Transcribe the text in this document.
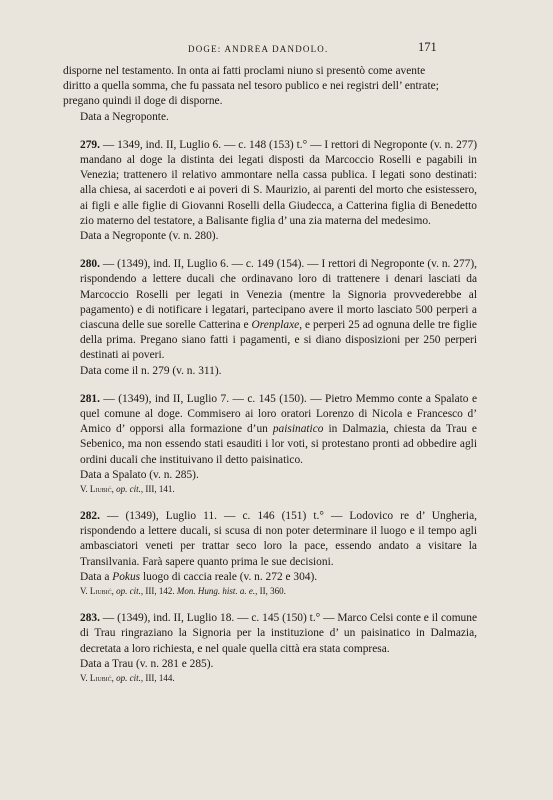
DOGE: ANDREA DANDOLO.	171
disporne nel testamento. In onta ai fatti proclami niuno si presentò come avente
diritto a quella somma, che fu passata nel tesoro publico e nei registri dell’ entrate;
pregano quindi il doge di disporne.
Data a Negroponte.

279. — 1349, ind. II, Luglio 6. — c. 148 (153) t.° — I rettori di Negroponte (v. n. 277) mandano al doge la distinta dei legati disposti da Marcoccio Roselli e pagabili in Venezia; trattenero il relativo ammontare nella cassa publica. I legati sono destinati: alla chiesa, ai sacerdoti e ai poveri di S. Maurizio, ai parenti del morto che esistessero, ai figli e alle figlie di Giovanni Roselli della Giudecca, a Catterina figlia di Benedetto zio materno del testatore, a Balisante figlia d’ una zia materna del medesimo.

Data a Negroponte (v. n. 280).

280. — (1349), ind. II, Luglio 6. — c. 149 (154). — I rettori di Negroponte (v. n. 277), rispondendo a lettere ducali che ordinavano loro di trattenere i denari lasciati da Marcoccio Roselli per legati in Venezia (mentre la Signoria provvederebbe al pagamento) e di notificare i legatari, partecipano avere il morto lasciato 500 perperi a ciascuna delle sue sorelle Catterina e Orenplaxe, e perperi 25 ad ognuna delle tre figlie della prima. Pregano siano fatti i pagamenti, e si diano disposizioni per 250 perperi destinati ai poveri.

Data come il n. 279 (v. n. 311).

281. — (1349), ind II, Luglio 7. — c. 145 (150). — Pietro Memmo conte a Spalato e quel comune al doge. Commisero ai loro oratori Lorenzo di Nicola e Francesco d’ Amico d’ opporsi alla formazione d’un paisinatico in Dalmazia, chiesta da Trau e Sebenico, ma non essendo stati esauditi i lor voti, si protestano pronti ad obbedire agli ordini ducali che instituivano il detto paisinatico.

Data a Spalato (v. n. 285).
V. Liubić, op. cit., III, 141.

282. — (1349), Luglio 11. — c. 146 (151) t.° — Lodovico re d’ Ungheria, rispondendo a lettere ducali, si scusa di non poter determinare il luogo e il tempo agli ambasciatori veneti per trattar seco loro la pace, essendo andato a visitare la Transilvania. Farà sapere quanto prima le sue decisioni.

Data a Pokus luogo di caccia reale (v. n. 272 e 304).
V. Liubić, op. cit., III, 142. Mon. Hung. hist. a. e., II, 360.

283. — (1349), ind. II, Luglio 18. — c. 145 (150) t.° — Marco Celsi conte e il comune di Trau ringraziano la Signoria per la instituzione d’ un paisinatico in Dalmazia, decretata a loro richiesta, e nel quale quella città era stata compresa.

Data a Trau (v. n. 281 e 285).
V. Liubić, op. cit., III, 144.
